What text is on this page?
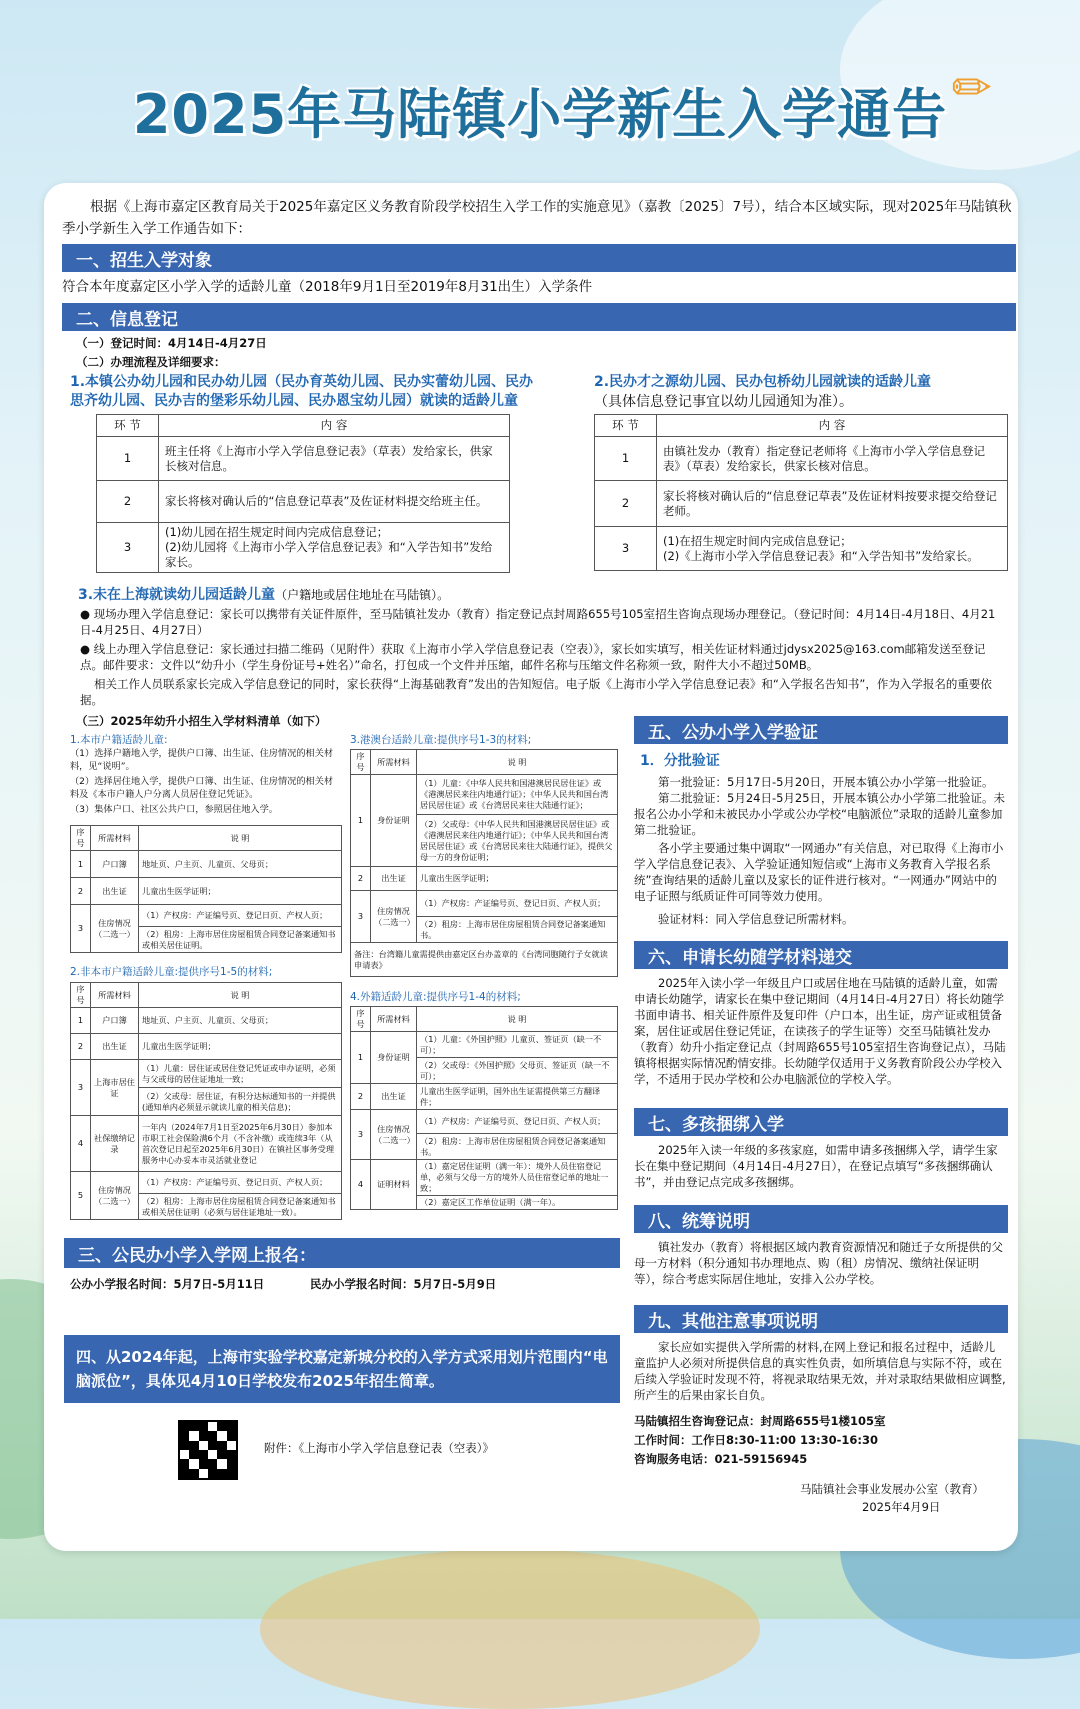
2025年马陆镇小学新生入学通告 ✏
根据《上海市嘉定区教育局关于2025年嘉定区义务教育阶段学校招生入学工作的实施意见》（嘉教〔2025〕7号），结合本区域实际，现对2025年马陆镇秋季小学新生入学工作通告如下：
一、招生入学对象
符合本年度嘉定区小学入学的适龄儿童（2018年9月1日至2019年8月31出生）入学条件
二、信息登记
（一）登记时间：4月14日-4月27日
（二）办理流程及详细要求：
1.本镇公办幼儿园和民办幼儿园（民办育英幼儿园、民办实蕾幼儿园、民办思齐幼儿园、民办吉的堡彩乐幼儿园、民办恩宝幼儿园）就读的适龄儿童
2.民办才之源幼儿园、民办包桥幼儿园就读的适龄儿童
（具体信息登记事宜以幼儿园通知为准）。
环 节	内 容
1	班主任将《上海市小学入学信息登记表》（草表）发给家长，供家长核对信息。
2	家长将核对确认后的“信息登记草表”及佐证材料提交给班主任。
3	(1)幼儿园在招生规定时间内完成信息登记；
(2)幼儿园将《上海市小学入学信息登记表》和“入学告知书”发给家长。
环 节	内 容
1	由镇社发办（教育）指定登记老师将《上海市小学入学信息登记表》（草表）发给家长，供家长核对信息。
2	家长将核对确认后的“信息登记草表”及佐证材料按要求提交给登记老师。
3	(1)在招生规定时间内完成信息登记；
(2)《上海市小学入学信息登记表》和“入学告知书”发给家长。
3.未在上海就读幼儿园适龄儿童（户籍地或居住地址在马陆镇）。
● 现场办理入学信息登记：家长可以携带有关证件原件，至马陆镇社发办（教育）指定登记点封周路655号105室招生咨询点现场办理登记。（登记时间：4月14日-4月18日、4月21日-4月25日、4月27日）
● 线上办理入学信息登记：家长通过扫描二维码（见附件）获取《上海市小学入学信息登记表（空表）》，家长如实填写，相关佐证材料通过jdysx2025@163.com邮箱发送至登记点。邮件要求：文件以“幼升小（学生身份证号+姓名）”命名，打包成一个文件并压缩，邮件名称与压缩文件名称须一致，附件大小不超过50MB。
相关工作人员联系家长完成入学信息登记的同时，家长获得“上海基础教育”发出的告知短信。电子版《上海市小学入学信息登记表》和“入学报名告知书”，作为入学报名的重要依据。
（三）2025年幼升小招生入学材料清单（如下）
1.本市户籍适龄儿童:
（1）选择户籍地入学，提供户口簿、出生证、住房情况的相关材料，见“说明”。
（2）选择居住地入学，提供户口簿、出生证、住房情况的相关材料及《本市户籍人户分离人员居住登记凭证》。
（3）集体户口、社区公共户口，参照居住地入学。
序号	所需材料	说 明
1	户口簿	地址页、户主页、儿童页、父母页；
2	出生证	儿童出生医学证明；
3	住房情况（二选一）	（1）产权房：产证编号页、登记日页、产权人页；
		（2）租房：上海市居住房屋租赁合同登记备案通知书或相关居住证明。
2.非本市户籍适龄儿童:提供序号1-5的材料;
序号	所需材料	说 明
1	户口簿	地址页、户主页、儿童页、父母页；
2	出生证	儿童出生医学证明；
3	上海市居住证	（1）儿童：居住证或居住登记凭证或申办证明，必须与父或母的居住证地址一致；
		（2）父或母：居住证，有积分达标通知书的一并提供(通知单内必须显示就读儿童的相关信息)；
4	社保缴纳记录	一年内（2024年7月1日至2025年6月30日）参加本市职工社会保险满6个月（不含补缴）或连续3年（从首次登记日起至2025年6月30日）在镇社区事务受理服务中心办妥本市灵活就业登记
5	住房情况（二选一）	（1）产权房：产证编号页、登记日页、产权人页；
		（2）租房：上海市居住房屋租赁合同登记备案通知书或相关居住证明（必须与居住证地址一致）。
3.港澳台适龄儿童:提供序号1-3的材料;
序号	所需材料	说 明
1	身份证明	（1）儿童：《中华人民共和国港澳居民居住证》或《港澳居民来往内地通行证》；《中华人民共和国台湾居民居住证》或《台湾居民来往大陆通行证》；
		（2）父或母：《中华人民共和国港澳居民居住证》或《港澳居民来往内地通行证》；《中华人民共和国台湾居民居住证》或《台湾居民来往大陆通行证》，提供父母一方的身份证明；
2	出生证	儿童出生医学证明；
3	住房情况（二选一）	（1）产权房：产证编号页、登记日页、产权人页；
		（2）租房：上海市居住房屋租赁合同登记备案通知书。
备注：台湾籍儿童需提供由嘉定区台办盖章的《台湾同胞随行子女就读申请表》		
4.外籍适龄儿童:提供序号1-4的材料;
序号	所需材料	说 明
1	身份证明	（1）儿童：《外国护照》儿童页、签证页（缺一不可）；
		（2）父或母：《外国护照》父母页、签证页（缺一不可）；
2	出生证	儿童出生医学证明，国外出生证需提供第三方翻译件；
3	住房情况（二选一）	（1）产权房：产证编号页、登记日页、产权人页；
		（2）租房：上海市居住房屋租赁合同登记备案通知书。
4	证明材料	（1）嘉定居住证明（满一年）：境外人员住宿登记单，必须与父母一方的境外人员住宿登记单的地址一致；
		（2）嘉定区工作单位证明（满一年）。
三、公民办小学入学网上报名：
公办小学报名时间：5月7日-5月11日	民办小学报名时间：5月7日-5月9日
四、从2024年起，上海市实验学校嘉定新城分校的入学方式采用划片范围内“电脑派位”，具体见4月10日学校发布2025年招生简章。
附件：《上海市小学入学信息登记表（空表）》
五、公办小学入学验证
1．分批验证
第一批验证：5月17日-5月20日，开展本镇公办小学第一批验证。
第二批验证：5月24日-5月25日，开展本镇公办小学第二批验证。未报名公办小学和未被民办小学或公办学校“电脑派位”录取的适龄儿童参加第二批验证。
各小学主要通过集中调取“一网通办”有关信息，对已取得《上海市小学入学信息登记表》、入学验证通知短信或“上海市义务教育入学报名系统”查询结果的适龄儿童以及家长的证件进行核对。“一网通办”网站中的电子证照与纸质证件可同等效力使用。
验证材料：同入学信息登记所需材料。
六、申请长幼随学材料递交
2025年入读小学一年级且户口或居住地在马陆镇的适龄儿童，如需申请长幼随学，请家长在集中登记期间（4月14日-4月27日）将长幼随学书面申请书、相关证件原件及复印件（户口本，出生证，房产证或租赁备案，居住证或居住登记凭证，在读孩子的学生证等）交至马陆镇社发办（教育）幼升小指定登记点（封周路655号105室招生咨询登记点），马陆镇将根据实际情况酌情安排。长幼随学仅适用于义务教育阶段公办学校入学，不适用于民办学校和公办电脑派位的学校入学。
七、多孩捆绑入学
2025年入读一年级的多孩家庭，如需申请多孩捆绑入学，请学生家长在集中登记期间（4月14日-4月27日），在登记点填写“多孩捆绑确认书”，并由登记点完成多孩捆绑。
八、统筹说明
镇社发办（教育）将根据区域内教育资源情况和随迁子女所提供的父母一方材料（积分通知书办理地点、购（租）房情况、缴纳社保证明等），综合考虑实际居住地址，安排入公办学校。
九、其他注意事项说明
家长应如实提供入学所需的材料,在网上登记和报名过程中，适龄儿童监护人必须对所提供信息的真实性负责，如所填信息与实际不符，或在后续入学验证时发现不符，将视录取结果无效，并对录取结果做相应调整,所产生的后果由家长自负。
马陆镇招生咨询登记点：封周路655号1楼105室
工作时间：工作日8:30-11:00 13:30-16:30
咨询服务电话：021-59156945
马陆镇社会事业发展办公室（教育）
2025年4月9日
